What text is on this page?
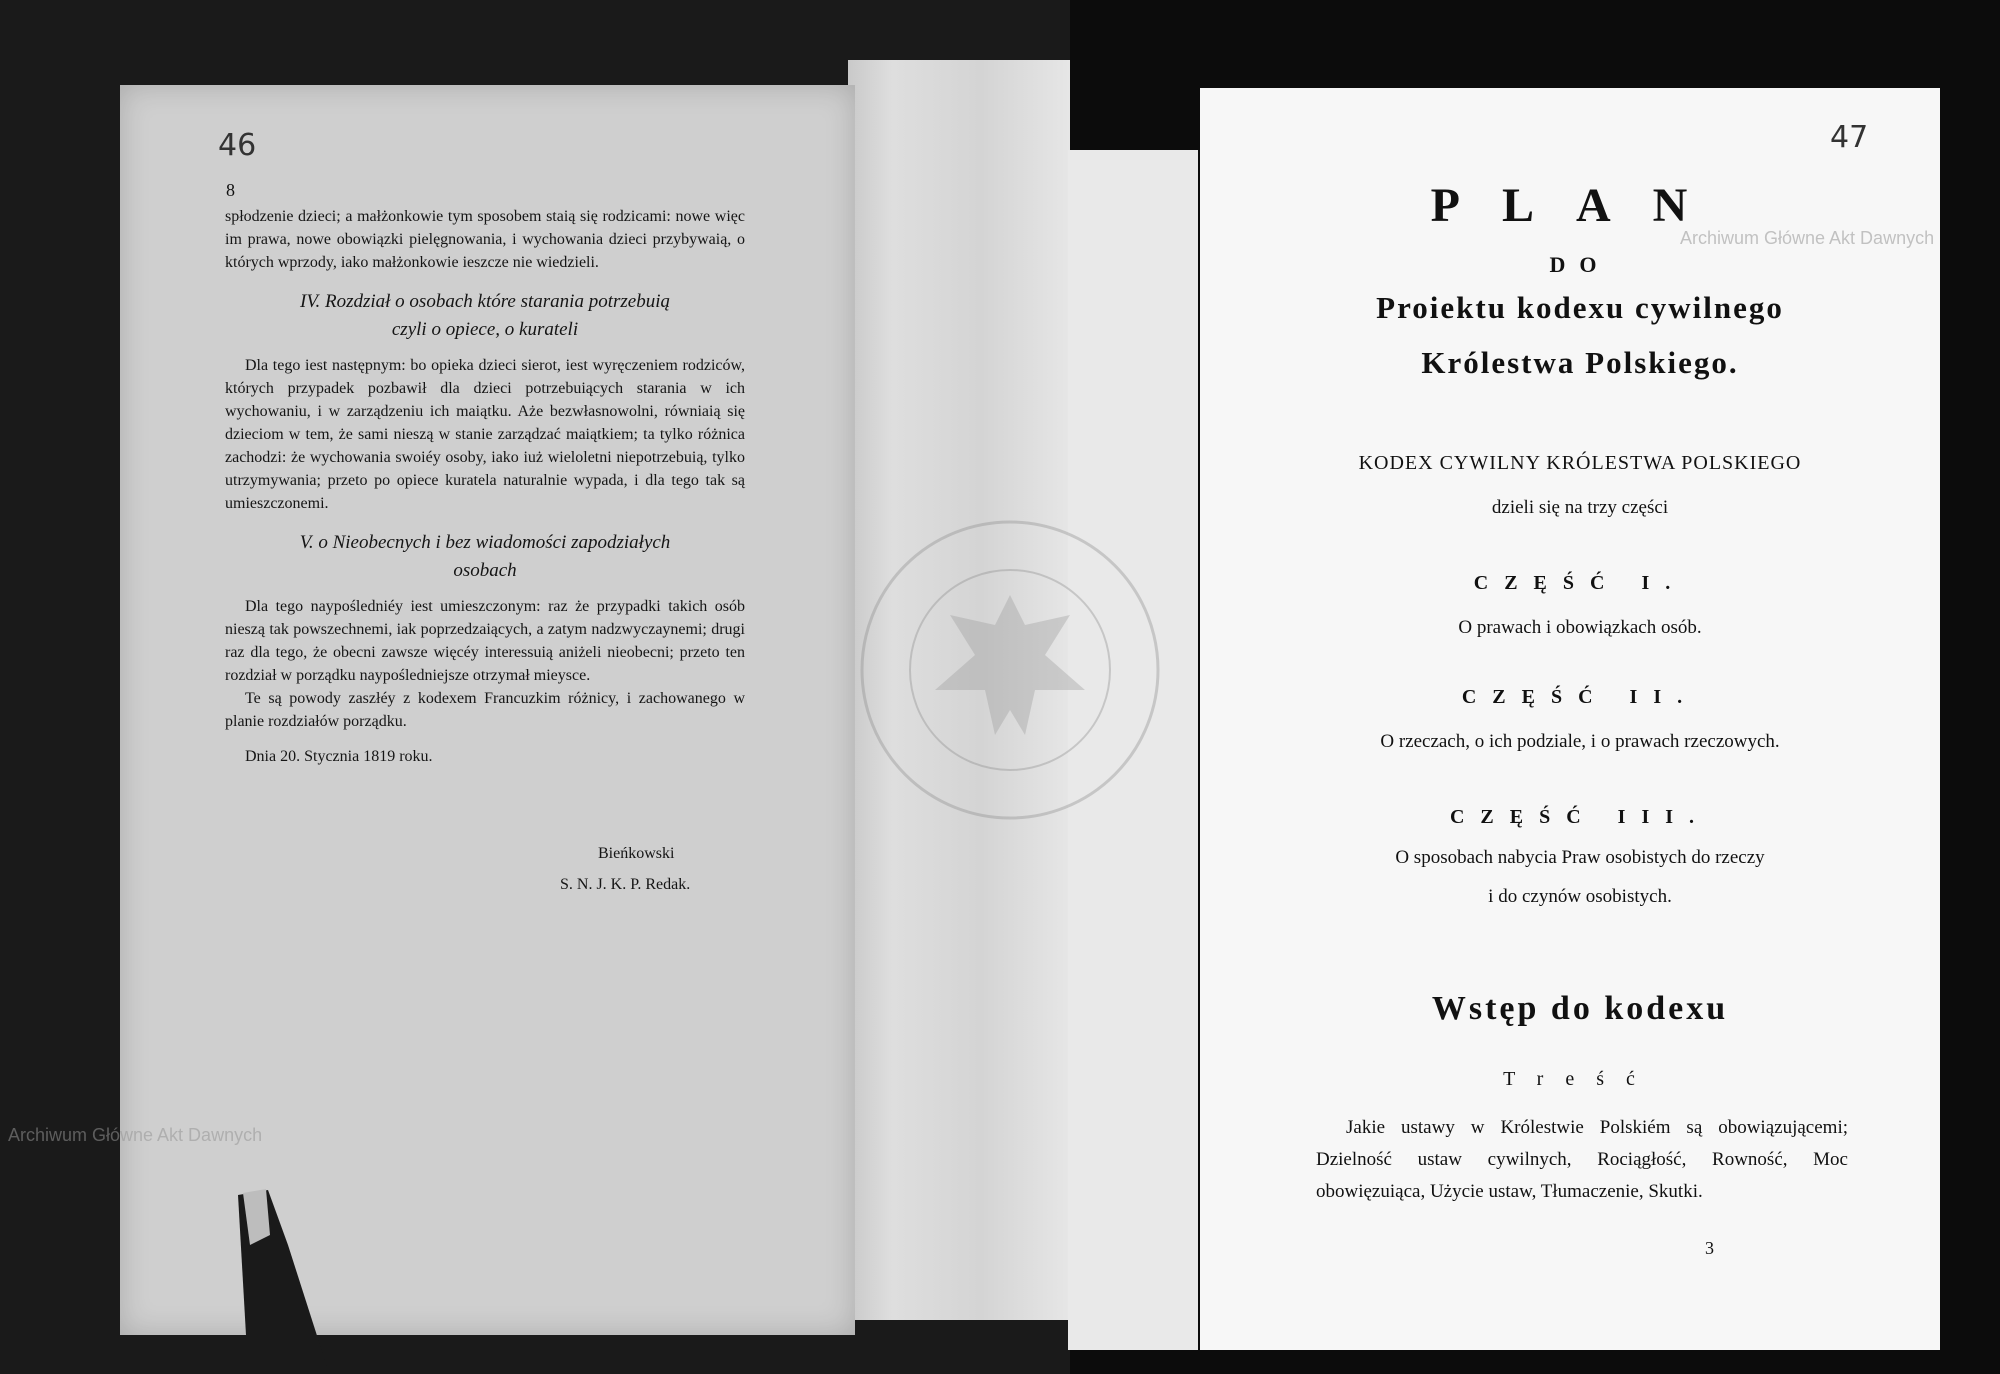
46
8

spłodzenie dzieci; a małżonkowie tym sposobem staią się rodzicami: nowe więc im prawa, nowe obowiązki pielęgnowania, i wychowania dzieci przybywaią, o których wprzody, iako małżonkowie ieszcze nie wiedzieli.

IV. Rozdział o osobach które starania potrzebuią
czyli o opiece, o kurateli

Dla tego iest następnym: bo opieka dzieci sierot, iest wyręczeniem rodziców, których przypadek pozbawił dla dzieci potrzebuiących starania w ich wychowaniu, i w zarządzeniu ich maiątku. Aże bezwłasnowolni, równiaią się dzieciom w tem, że sami nieszą w stanie zarządzać maiątkiem; ta tylko różnica zachodzi: że wychowania swoiéy osoby, iako iuż wieloletni niepotrzebuią, tylko utrzymywania; przeto po opiece kuratela naturalnie wypada, i dla tego tak są umieszczonemi.

V. o Nieobecnych i bez wiadomości zapodziałych
osobach

Dla tego naypośledniéy iest umieszczonym: raz że przypadki takich osób nieszą tak powszechnemi, iak poprzedzaiących, a zatym nadzwyczaynemi; drugi raz dla tego, że obecni zawsze więcéy interessuią aniżeli nieobecni; przeto ten rozdział w porządku naypośledniejsze otrzymał mieysce.

Te są powody zaszłéy z kodexem Francuzkim różnicy, i zachowanego w planie rozdziałów porządku.

Dnia 20. Stycznia 1819 roku.

Bieńkowski
S. N. J. K. P. Redak.
Archiwum Główne Akt Dawnych
47
Archiwum Główne Akt Dawnych
PLAN
DO
Proiektu kodexu cywilnego
Królestwa Polskiego.
KODEX CYWILNY KRÓLESTWA POLSKIEGO
dzieli się na trzy części
CZĘŚĆ I.
O prawach i obowiązkach osób.
CZĘŚĆ II.
O rzeczach, o ich podziale, i o prawach rzeczowych.
CZĘŚĆ III.
O sposobach nabycia Praw osobistych do rzeczy
i do czynów osobistych.
Wstęp do kodexu
Treść
Jakie ustawy w Królestwie Polskiém są obowiązującemi; Dzielność ustaw cywilnych, Rociągłość, Rowność, Moc obowięzuiąca, Użycie ustaw, Tłumaczenie, Skutki.
3
